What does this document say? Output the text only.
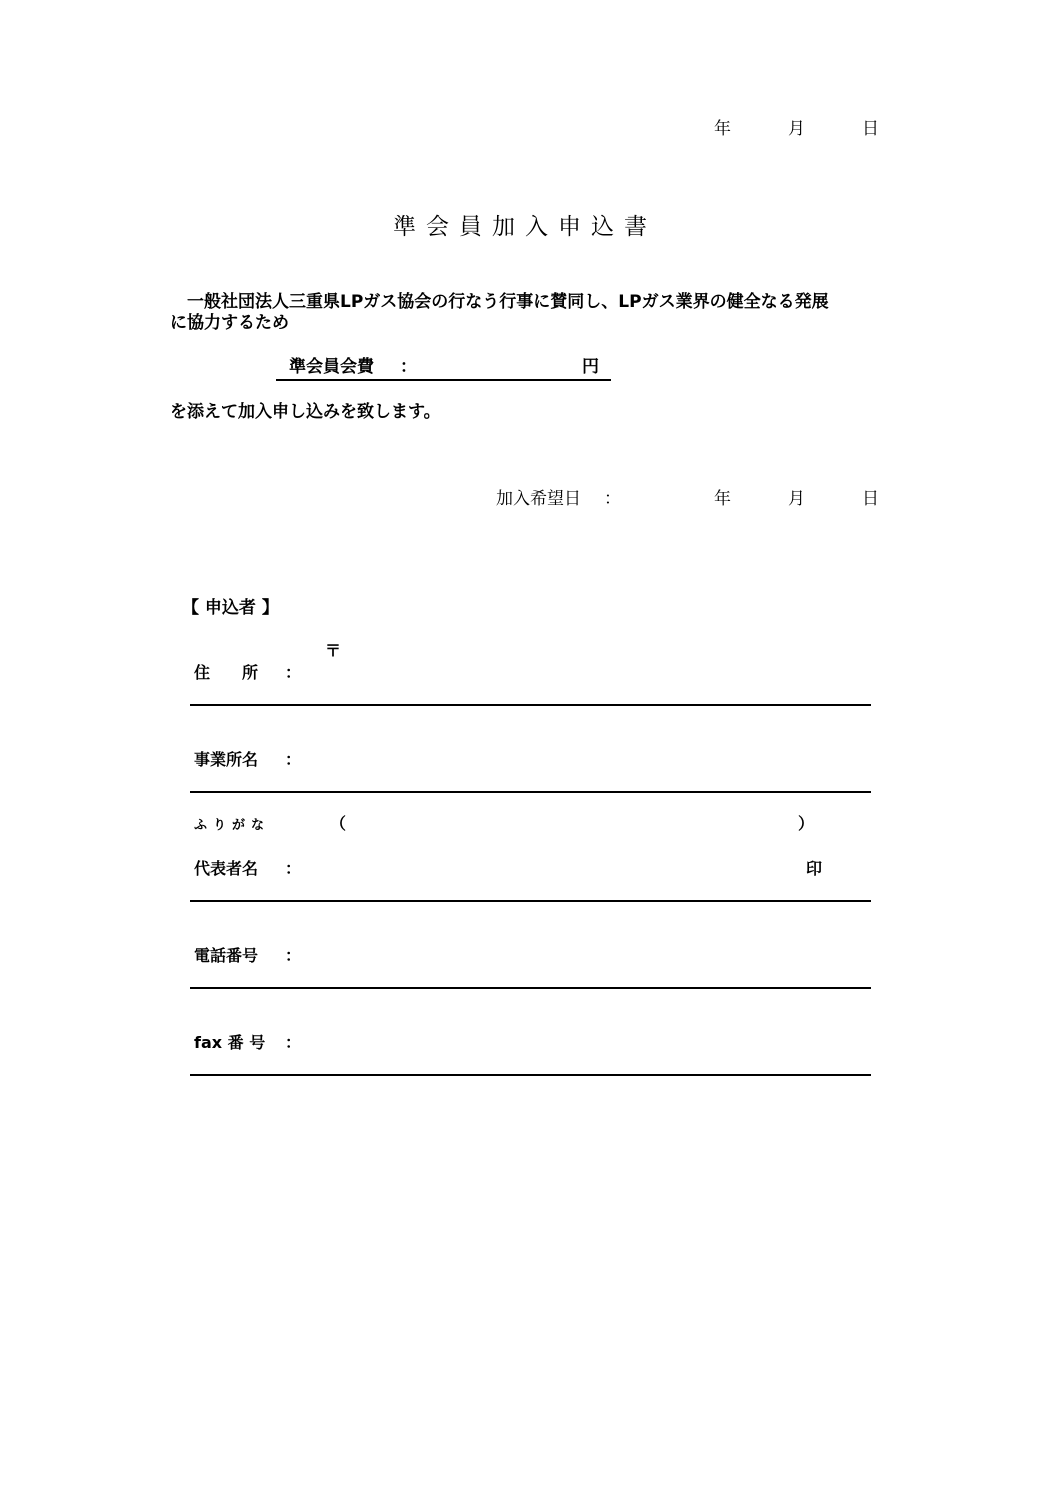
年	月	日
準会員加入申込書
一般社団法人三重県LPガス協会の行なう行事に賛同し、LPガス業界の健全なる発展
に協力するため
準会員会費 ：	円
を添えて加入申し込みを致します。
加入希望日 ：	年	月	日
【 申込者 】
〒
住　　所 ：
事業所名 ：
ふりがな	（	）
代表者名 ：	印
電話番号 ：
fax 番 号 ：
